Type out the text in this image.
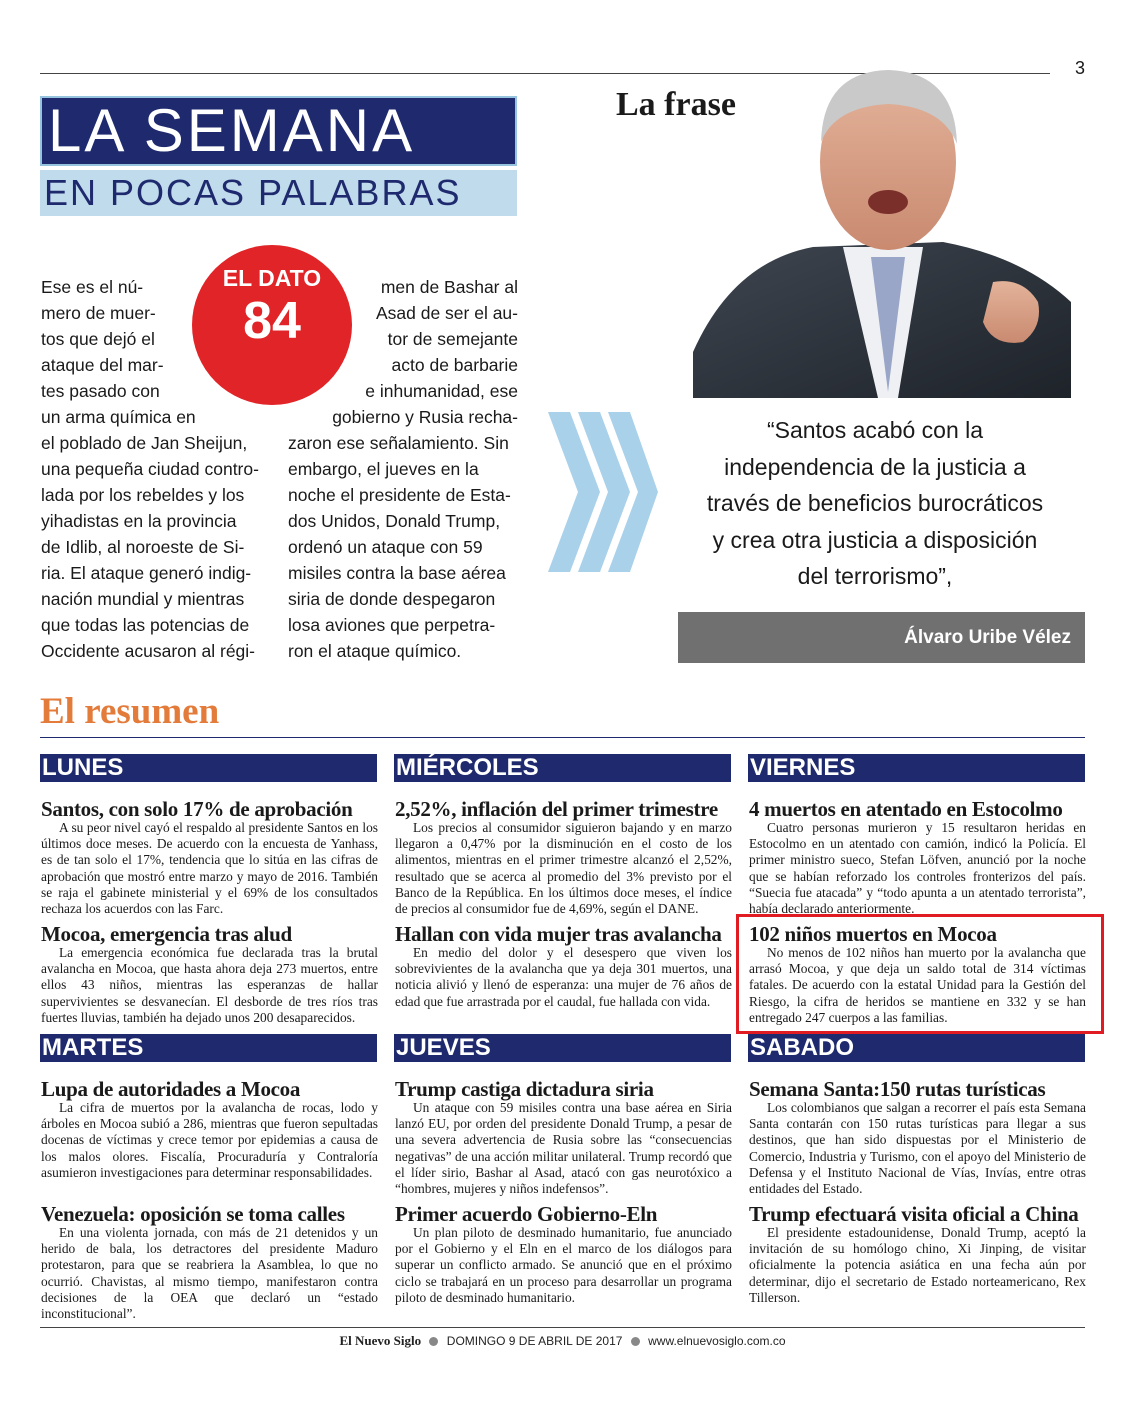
3
LA SEMANA
EN POCAS PALABRAS
La frase
“Santos acabó con la
independencia de la justicia a
través de beneficios burocráticos
y crea otra justicia a disposición
del terrorismo”,
Álvaro Uribe Vélez
EL DATO
84
Ese es el nú-
mero de muer-
tos que dejó el
ataque del mar-
tes pasado con
un arma química en
el poblado de Jan Sheijun,
una pequeña ciudad contro-
lada por los rebeldes y los
yihadistas en la provincia
de Idlib, al noroeste de Si-
ria. El ataque generó indig-
nación mundial y mientras
que todas las potencias de
Occidente acusaron al régi-
men de Bashar al
Asad de ser el au-
tor de semejante
acto de barbarie
e inhumanidad, ese
gobierno y Rusia recha-
zaron ese señalamiento. Sin
embargo, el jueves en la
noche el presidente de Esta-
dos Unidos, Donald Trump,
ordenó un ataque con 59
misiles contra la base aérea
siria de donde despegaron
losa aviones que perpetra-
ron el ataque químico.
El resumen
LUNES	MIÉRCOLES	VIERNES
Santos, con solo 17% de aprobación

A su peor nivel cayó el respaldo al presidente Santos en los últimos doce meses. De acuerdo con la encuesta de Yanhass, es de tan solo el 17%, tendencia que lo sitúa en las cifras de aprobación que mostró entre marzo y mayo de 2016. También se raja el gabinete ministerial y el 69% de los consultados rechaza los acuerdos con las Farc.

Mocoa, emergencia tras alud

La emergencia económica fue declarada tras la brutal avalancha en Mocoa, que hasta ahora deja 273 muertos, entre ellos 43 niños, mientras las esperanzas de hallar supervivientes se desvanecían. El desborde de tres ríos tras fuertes lluvias, también ha dejado unos 200 desaparecidos.

2,52%, inflación del primer trimestre

Los precios al consumidor siguieron bajando y en marzo llegaron a 0,47% por la disminución en el costo de los alimentos, mientras en el primer trimestre alcanzó el 2,52%, resultado que se acerca al promedio del 3% previsto por el Banco de la República. En los últimos doce meses, el índice de precios al consumidor fue de 4,69%, según el DANE.

Hallan con vida mujer tras avalancha

En medio del dolor y el desespero que viven los sobrevivientes de la avalancha que ya deja 301 muertos, una noticia alivió y llenó de esperanza: una mujer de 76 años de edad que fue arrastrada por el caudal, fue hallada con vida.

4 muertos en atentado en Estocolmo

Cuatro personas murieron y 15 resultaron heridas en Estocolmo en un atentado con camión, indicó la Policía. El primer ministro sueco, Stefan Löfven, anunció por la noche que se habían reforzado los controles fronterizos del país. “Suecia fue atacada” y “todo apunta a un atentado terrorista”, había declarado anteriormente.

102 niños muertos en Mocoa

No menos de 102 niños han muerto por la avalancha que arrasó Mocoa, y que deja un saldo total de 314 víctimas fatales. De acuerdo con la estatal Unidad para la Gestión del Riesgo, la cifra de heridos se mantiene en 332 y se han entregado 247 cuerpos a las familias.

MARTES	JUEVES	SABADO
Lupa de autoridades a Mocoa

La cifra de muertos por la avalancha de rocas, lodo y árboles en Mocoa subió a 286, mientras que fueron sepultadas docenas de víctimas y crece temor por epidemias a causa de los malos olores. Fiscalía, Procuraduría y Contraloría asumieron investigaciones para determinar responsabilidades.

Venezuela: oposición se toma calles

En una violenta jornada, con más de 21 detenidos y un herido de bala, los detractores del presidente Maduro protestaron, para que se reabriera la Asamblea, lo que no ocurrió. Chavistas, al mismo tiempo, manifestaron contra decisiones de la OEA que declaró un “estado inconstitucional”.

Trump castiga dictadura siria

Un ataque con 59 misiles contra una base aérea en Siria lanzó EU, por orden del presidente Donald Trump, a pesar de una severa advertencia de Rusia sobre las “consecuencias negativas” de una acción militar unilateral. Trump recordó que el líder sirio, Bashar al Asad, atacó con gas neurotóxico a “hombres, mujeres y niños indefensos”.

Primer acuerdo Gobierno-Eln

Un plan piloto de desminado humanitario, fue anunciado por el Gobierno y el Eln en el marco de los diálogos para superar un conflicto armado. Se anunció que en el próximo ciclo se trabajará en un proceso para desarrollar un programa piloto de desminado humanitario.

Semana Santa:150 rutas turísticas

Los colombianos que salgan a recorrer el país esta Semana Santa contarán con 150 rutas turísticas para llegar a sus destinos, que han sido dispuestas por el Ministerio de Comercio, Industria y Turismo, con el apoyo del Ministerio de Defensa y el Instituto Nacional de Vías, Invías, entre otras entidades del Estado.

Trump efectuará visita oficial a China

El presidente estadounidense, Donald Trump, aceptó la invitación de su homólogo chino, Xi Jinping, de visitar oficialmente la potencia asiática en una fecha aún por determinar, dijo el secretario de Estado norteamericano, Rex Tillerson.

El Nuevo Siglo DOMINGO 9 DE ABRIL DE 2017 www.elnuevosiglo.com.co
